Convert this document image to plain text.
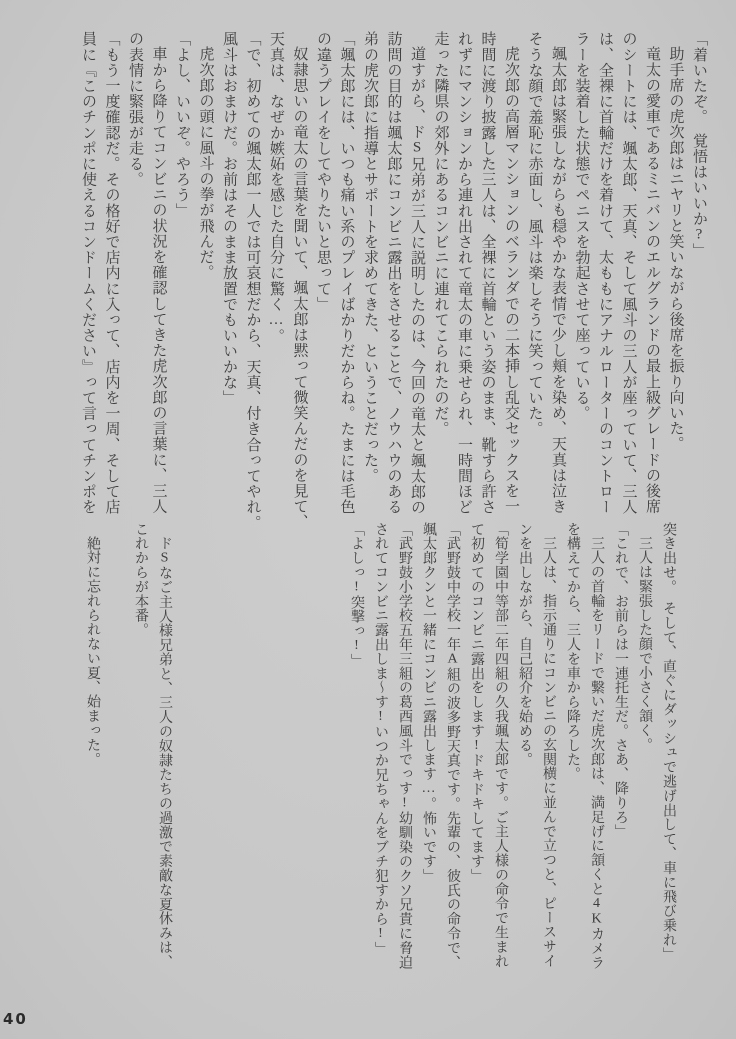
「着いたぞ。　覚悟はいいか?」
助手席の虎次郎はニヤリと笑いながら後席を振り向いた。
竜太の愛車であるミニバンのエルグランドの最上級グレードの後席
のシートには、颯太郎、天真、そして風斗の三人が座っていて、三人
は、全裸に首輪だけを着けて、太ももにアナルローターのコントロー
ラーを装着した状態でペニスを勃起させて座っている。
颯太郎は緊張しながらも穏やかな表情で少し頬を染め、天真は泣き
そうな顔で羞恥に赤面し、風斗は楽しそうに笑っていた。
虎次郎の高層マンションのベランダでの二本挿し乱交セックスを一
時間に渡り披露した三人は、全裸に首輪という姿のまま、靴すら許さ
れずにマンションから連れ出されて竜太の車に乗せられ、一時間ほど
走った隣県の郊外にあるコンビニに連れてこられたのだ。
道すがら、ドS兄弟が三人に説明したのは、今回の竜太と颯太郎の
訪問の目的は颯太郎にコンビニ露出をさせることで、ノウハウのある
弟の虎次郎に指導とサポートを求めてきた、ということだった。
「颯太郎には、いつも痛い系のプレイばかりだからね。たまには毛色
の違うプレイをしてやりたいと思って」
奴隷思いの竜太の言葉を聞いて、颯太郎は黙って微笑んだのを見て、
天真は、なぜか嫉妬を感じた自分に驚く…。
「で、初めての颯太郎一人では可哀想だから、天真、付き合ってやれ。
風斗はおまけだ。お前はそのまま放置でもいいかな」
虎次郎の頭に風斗の拳が飛んだ。
「よし、いいぞ。やろう」
車から降りてコンビニの状況を確認してきた虎次郎の言葉に、三人
の表情に緊張が走る。
「もう一度確認だ。その格好で店内に入って、店内を一周、そして店
員に『このチンポに使えるコンドームください』って言ってチンポを
突き出せ。　そして、直ぐにダッシュで逃げ出して、車に飛び乗れ」
三人は緊張した顔で小さく頷く。
「これで、お前らは一連托生だ。さあ、降りろ」
三人の首輪をリードで繋いだ虎次郎は、満足げに頷くと4Kカメラ
を構えてから、三人を車から降ろした。
三人は、指示通りにコンビニの玄関横に並んで立つと、ピースサイ
ンを出しながら、自己紹介を始める。
「筍学園中等部二年四組の久我颯太郎です。ご主人様の命令で生まれ
て初めてのコンビニ露出をします!ドキドキしてます」
「武野鼓中学校一年A組の波多野天真です。先輩の、彼氏の命令で、
颯太郎クンと一緒にコンビニ露出します…。怖いです」
「武野鼓小学校五年三組の葛西風斗でっす!幼馴染のクソ兄貴に脅迫
されてコンビニ露出しま〜す!いつか兄ちゃんをブチ犯すから!」
「よしっ!突撃っ!」
ドSなご主人様兄弟と、三人の奴隷たちの過激で素敵な夏休みは、
これからが本番。
絶対に忘れられない夏、始まった。
40
